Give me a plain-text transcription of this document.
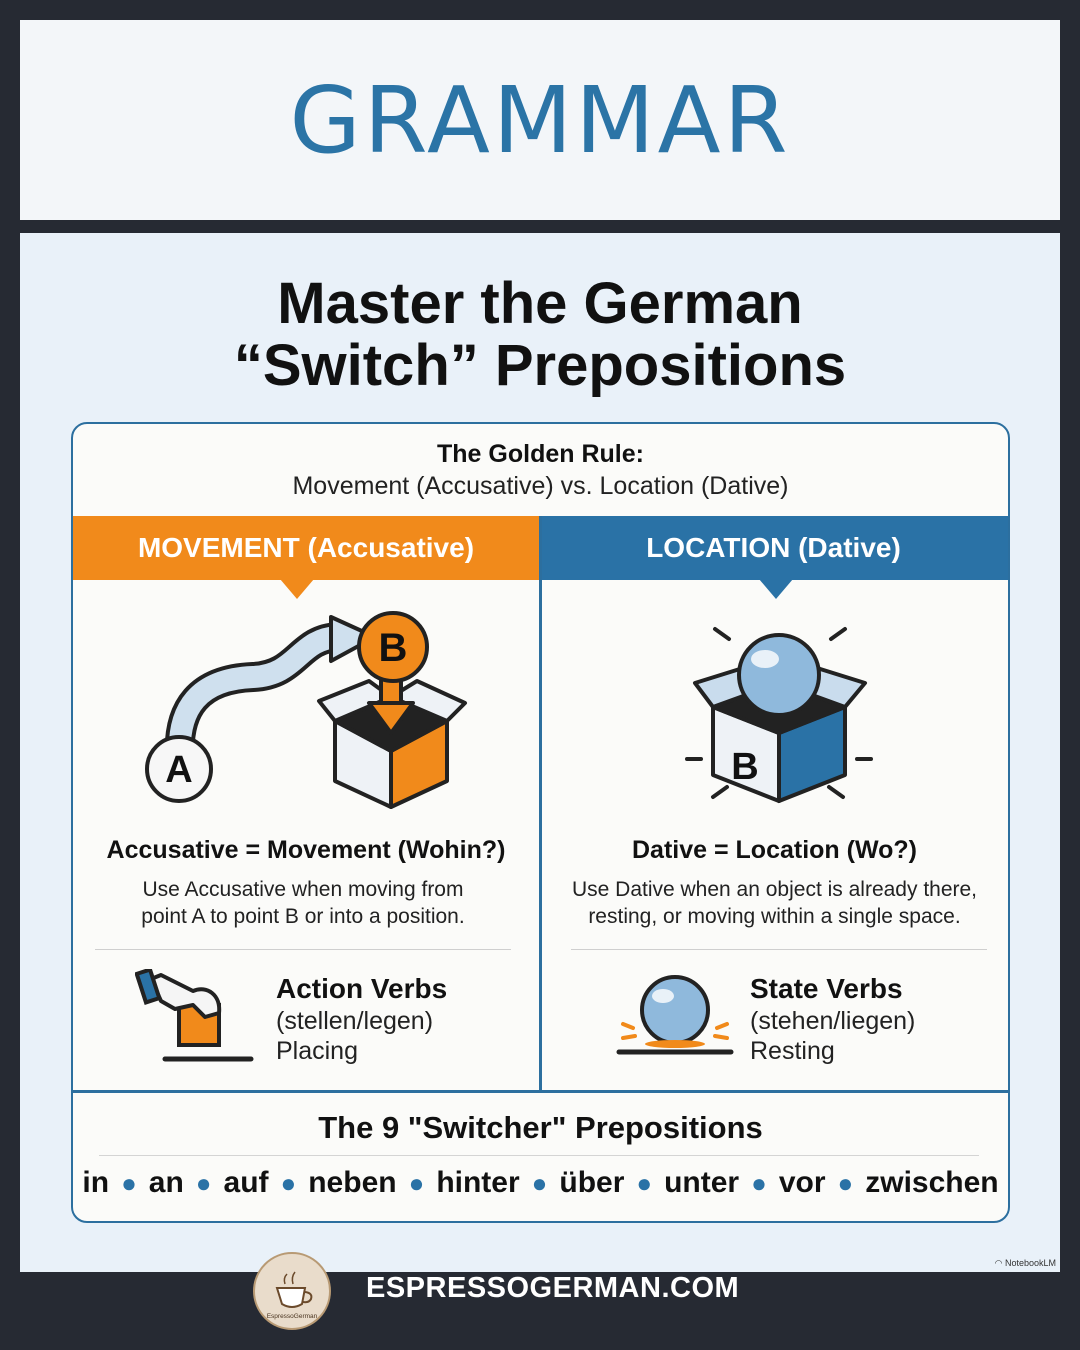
GRAMMAR
Master the German
“Switch” Prepositions
The Golden Rule:
Movement (Accusative) vs. Location (Dative)
MOVEMENT (Accusative)	LOCATION (Dative)
A
B
B
Accusative = Movement (Wohin?)
Use Accusative when moving from
point A to point B or into a position.
Dative = Location (Wo?)
Use Dative when an object is already there,
resting, or moving within a single space.
Action Verbs
(stellen/legen)
Placing
State Verbs
(stehen/liegen)
Resting
The 9 "Switcher" Prepositions
in ● an ● auf ● neben ● hinter ● über ● unter ● vor ● zwischen
◠ NotebookLM
EspressoGerman
ESPRESSOGERMAN.COM
